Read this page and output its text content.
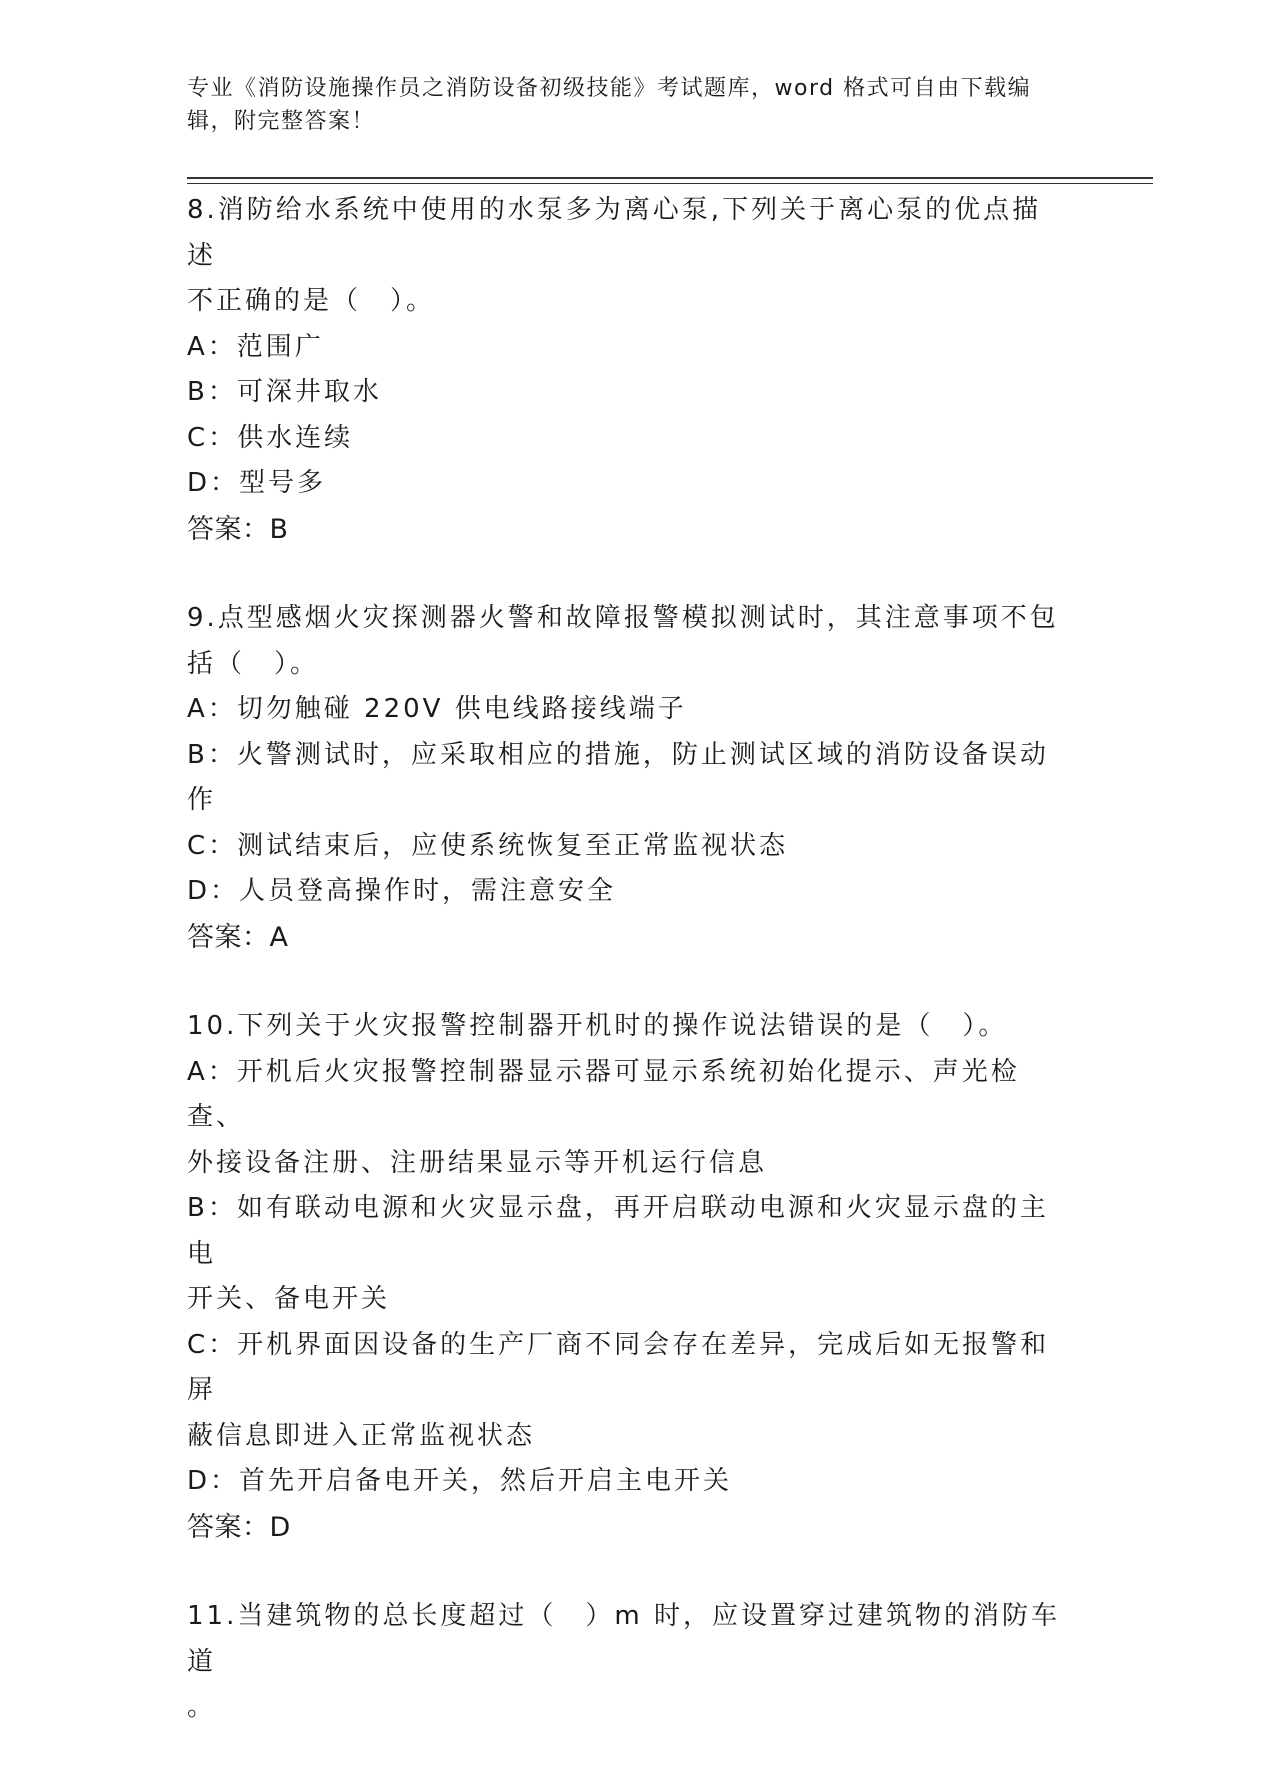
专业《消防设施操作员之消防设备初级技能》考试题库，word 格式可自由下载编
辑，附完整答案！
8.消防给水系统中使用的水泵多为离心泵,下列关于离心泵的优点描述
不正确的是（　）。
A：范围广
B：可深井取水
C：供水连续
D：型号多
答案：B
9.点型感烟火灾探测器火警和故障报警模拟测试时，其注意事项不包
括（　）。
A：切勿触碰 220V 供电线路接线端子
B：火警测试时，应采取相应的措施，防止测试区域的消防设备误动作
C：测试结束后，应使系统恢复至正常监视状态
D：人员登高操作时，需注意安全
答案：A
10.下列关于火灾报警控制器开机时的操作说法错误的是（　）。
A：开机后火灾报警控制器显示器可显示系统初始化提示、声光检查、
外接设备注册、注册结果显示等开机运行信息
B：如有联动电源和火灾显示盘，再开启联动电源和火灾显示盘的主电
开关、备电开关
C：开机界面因设备的生产厂商不同会存在差异，完成后如无报警和屏
蔽信息即进入正常监视状态
D：首先开启备电开关，然后开启主电开关
答案：D
11.当建筑物的总长度超过（　）m 时，应设置穿过建筑物的消防车道
。
